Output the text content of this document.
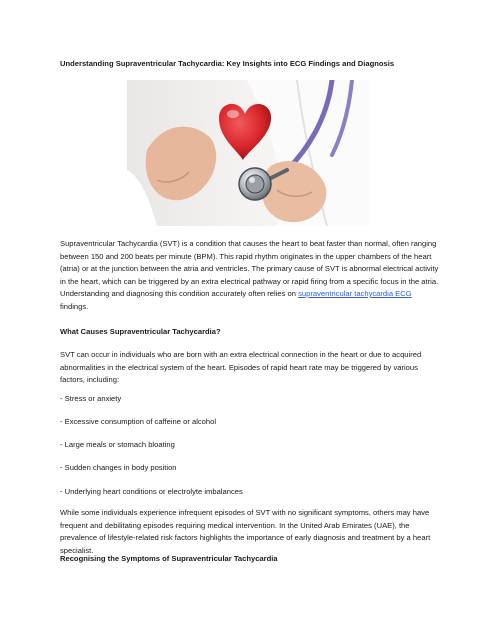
Understanding Supraventricular Tachycardia: Key Insights into ECG Findings and Diagnosis
Supraventricular Tachycardia (SVT) is a condition that causes the heart to beat faster than normal, often ranging between 150 and 200 beats per minute (BPM). This rapid rhythm originates in the upper chambers of the heart (atria) or at the junction between the atria and ventricles. The primary cause of SVT is abnormal electrical activity in the heart, which can be triggered by an extra electrical pathway or rapid firing from a specific focus in the atria. Understanding and diagnosing this condition accurately often relies on supraventricular tachycardia ECG findings.
What Causes Supraventricular Tachycardia?
SVT can occur in individuals who are born with an extra electrical connection in the heart or due to acquired abnormalities in the electrical system of the heart. Episodes of rapid heart rate may be triggered by various factors, including:
- Stress or anxiety
- Excessive consumption of caffeine or alcohol
- Large meals or stomach bloating
- Sudden changes in body position
- Underlying heart conditions or electrolyte imbalances
While some individuals experience infrequent episodes of SVT with no significant symptoms, others may have frequent and debilitating episodes requiring medical intervention. In the United Arab Emirates (UAE), the prevalence of lifestyle-related risk factors highlights the importance of early diagnosis and treatment by a heart specialist.
Recognising the Symptoms of Supraventricular Tachycardia
